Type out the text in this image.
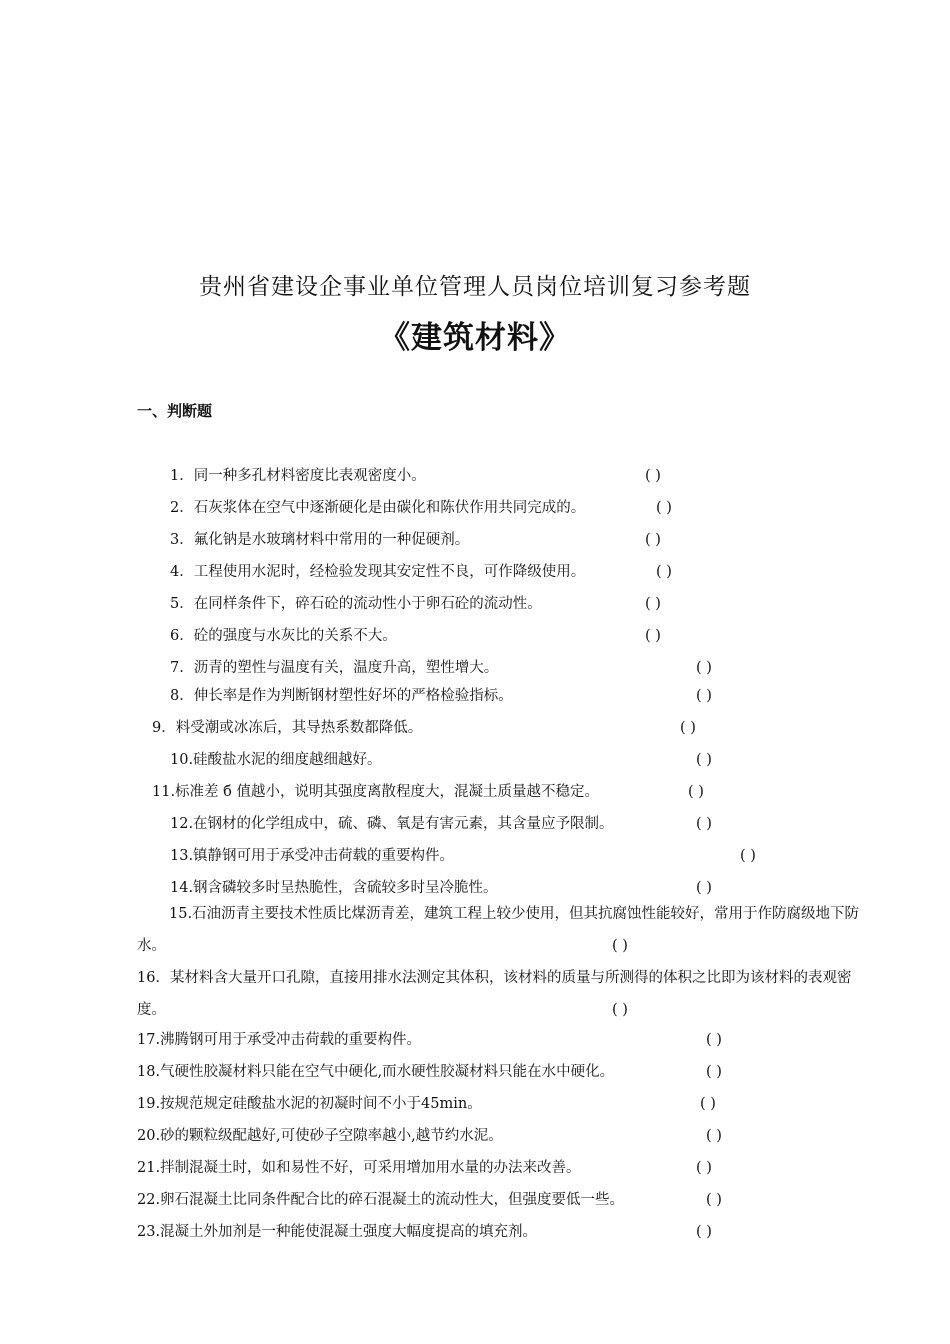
贵州省建设企事业单位管理人员岗位培训复习参考题
《建筑材料》
一、判断题
1．同一种多孔材料密度比表观密度小。	( )
2．石灰浆体在空气中逐渐硬化是由碳化和陈伏作用共同完成的。	( )
3．氟化钠是水玻璃材料中常用的一种促硬剂。	( )
4．工程使用水泥时，经检验发现其安定性不良，可作降级使用。	( )
5．在同样条件下，碎石砼的流动性小于卵石砼的流动性。	( )
6．砼的强度与水灰比的关系不大。	( )
7．沥青的塑性与温度有关，温度升高，塑性增大。	( )
8．伸长率是作为判断钢材塑性好坏的严格检验指标。	( )
9．料受潮或冰冻后，其导热系数都降低。	( )
10.硅酸盐水泥的细度越细越好。	( )
11.标准差 б 值越小，说明其强度离散程度大，混凝土质量越不稳定。	( )
12.在钢材的化学组成中，硫、磷、氧是有害元素，其含量应予限制。	( )
13.镇静钢可用于承受冲击荷载的重要构件。	( )
14.钢含磷较多时呈热脆性，含硫较多时呈冷脆性。	( )
15.石油沥青主要技术性质比煤沥青差，建筑工程上较少使用，但其抗腐蚀性能较好，常用于作防腐级地下防水。	( )
16．某材料含大量开口孔隙，直接用排水法测定其体积，该材料的质量与所测得的体积之比即为该材料的表观密度。	( )
17.沸腾钢可用于承受冲击荷载的重要构件。	( )
18.气硬性胶凝材料只能在空气中硬化,而水硬性胶凝材料只能在水中硬化。	( )
19.按规范规定硅酸盐水泥的初凝时间不小于45min。	( )
20.砂的颗粒级配越好,可使砂子空隙率越小,越节约水泥。	( )
21.拌制混凝土时，如和易性不好，可采用增加用水量的办法来改善。	( )
22.卵石混凝土比同条件配合比的碎石混凝土的流动性大，但强度要低一些。	( )
23.混凝土外加剂是一种能使混凝土强度大幅度提高的填充剂。	( )
